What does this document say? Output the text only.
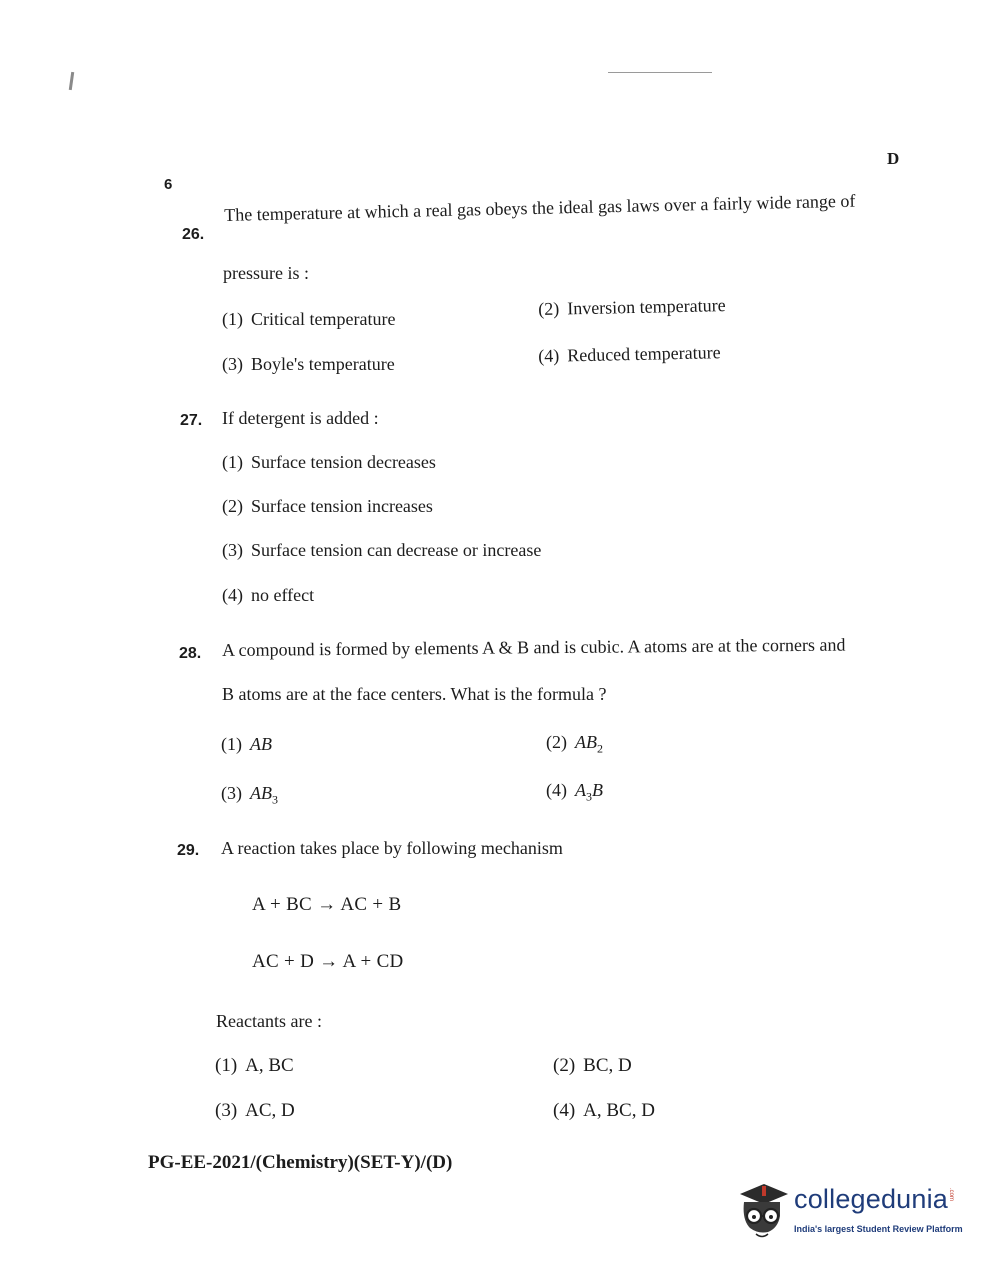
6
D
26.
The temperature at which a real gas obeys the ideal gas laws over a fairly wide range of
pressure is :
(1) Critical temperature
(2) Inversion temperature
(3) Boyle's temperature	(4) Reduced temperature
27. If detergent is added :
(1) Surface tension decreases
(2) Surface tension increases
(3) Surface tension can decrease or increase
(4) no effect
28. A compound is formed by elements A & B and is cubic. A atoms are at the corners and
B atoms are at the face centers. What is the formula ?
(1) AB	(2) $AB_2$
(3) $AB_3$	(4) $A_3B$
29. A reaction takes place by following mechanism
A + BC → AC + B
AC + D → A + CD
Reactants are :
(1) A, BC	(2) BC, D
(3) AC, D	(4) A, BC, D
PG-EE-2021/(Chemistry)(SET-Y)/(D)
collegedunia .com
India's largest Student Review Platform
